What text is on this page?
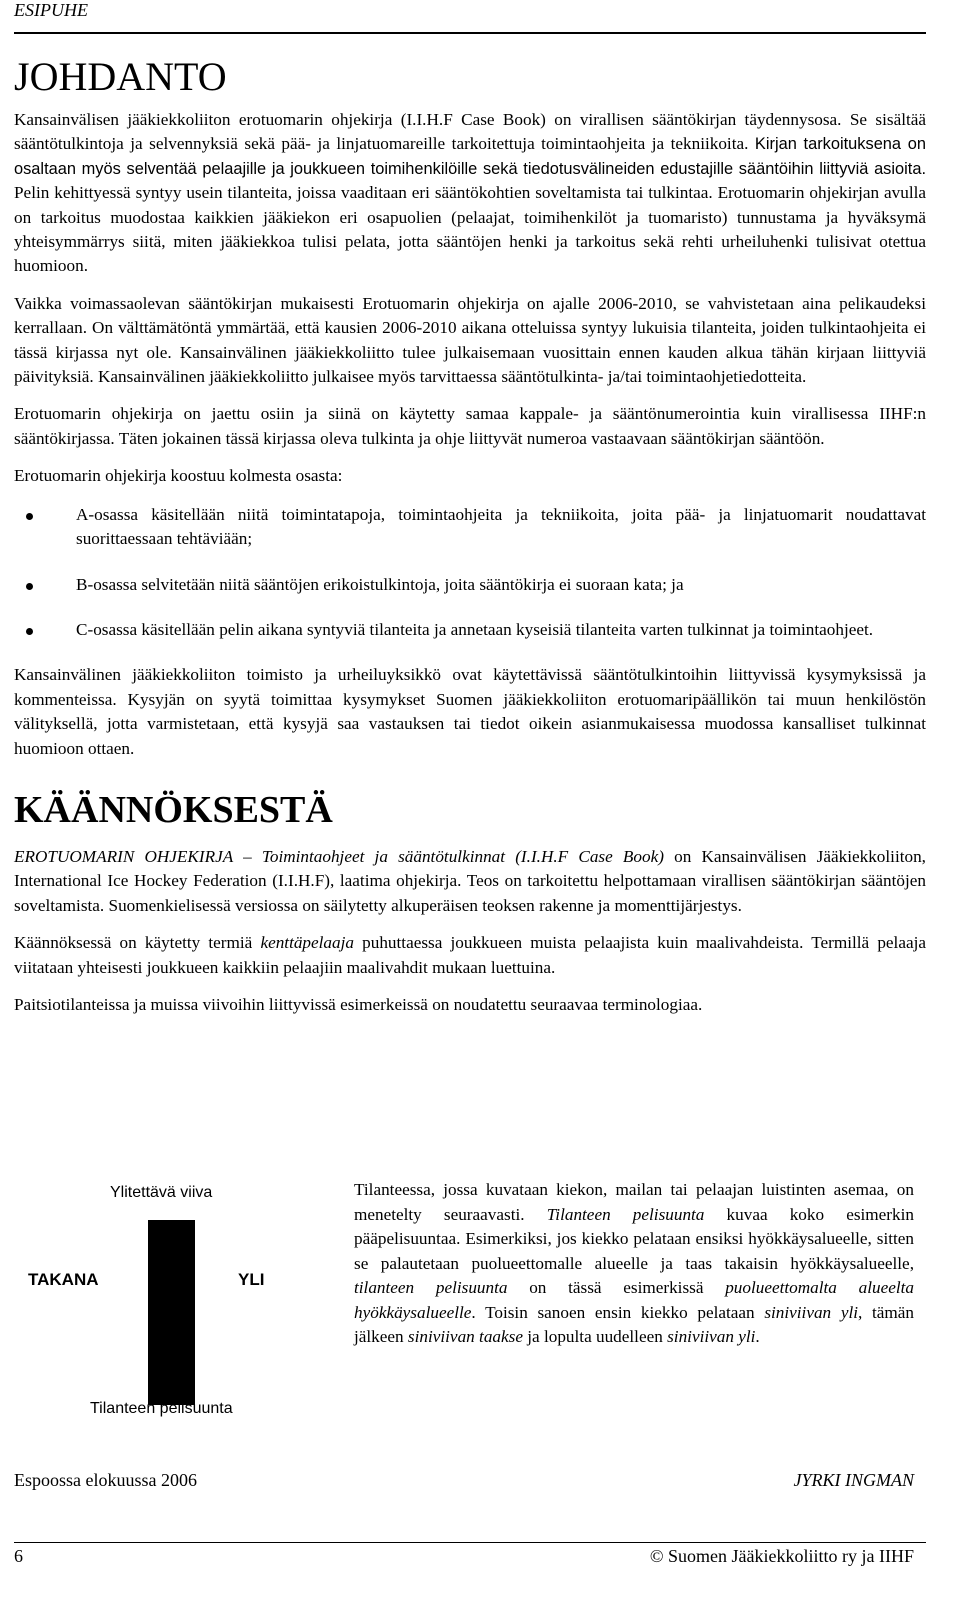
ESIPUHE
JOHDANTO

Kansainvälisen jääkiekkoliiton erotuomarin ohjekirja (I.I.H.F Case Book) on virallisen sääntökirjan täydennysosa. Se sisältää sääntötulkintoja ja selvennyksiä sekä pää- ja linjatuomareille tarkoitettuja toimintaohjeita ja tekniikoita. Kirjan tarkoituksena on osaltaan myös selventää pelaajille ja joukkueen toimihenkilöille sekä tiedotusvälineiden edustajille sääntöihin liittyviä asioita. Pelin kehittyessä syntyy usein tilanteita, joissa vaaditaan eri sääntökohtien soveltamista tai tulkintaa. Erotuomarin ohjekirjan avulla on tarkoitus muodostaa kaikkien jääkiekon eri osapuolien (pelaajat, toimihenkilöt ja tuomaristo) tunnustama ja hyväksymä yhteisymmärrys siitä, miten jääkiekkoa tulisi pelata, jotta sääntöjen henki ja tarkoitus sekä rehti urheiluhenki tulisivat otettua huomioon.

Vaikka voimassaolevan sääntökirjan mukaisesti Erotuomarin ohjekirja on ajalle 2006-2010, se vahvistetaan aina pelikaudeksi kerrallaan. On välttämätöntä ymmärtää, että kausien 2006-2010 aikana otteluissa syntyy lukuisia tilanteita, joiden tulkintaohjeita ei tässä kirjassa nyt ole. Kansainvälinen jääkiekkoliitto tulee julkaisemaan vuosittain ennen kauden alkua tähän kirjaan liittyviä päivityksiä. Kansainvälinen jääkiekkoliitto julkaisee myös tarvittaessa sääntötulkinta- ja/tai toimintaohjetiedotteita.

Erotuomarin ohjekirja on jaettu osiin ja siinä on käytetty samaa kappale- ja sääntönumerointia kuin virallisessa IIHF:n sääntökirjassa. Täten jokainen tässä kirjassa oleva tulkinta ja ohje liittyvät numeroa vastaavaan sääntökirjan sääntöön.

Erotuomarin ohjekirja koostuu kolmesta osasta:

A-osassa käsitellään niitä toimintatapoja, toimintaohjeita ja tekniikoita, joita pää- ja linjatuomarit noudattavat suorittaessaan tehtäviään;
B-osassa selvitetään niitä sääntöjen erikoistulkintoja, joita sääntökirja ei suoraan kata; ja
C-osassa käsitellään pelin aikana syntyviä tilanteita ja annetaan kyseisiä tilanteita varten tulkinnat ja toimintaohjeet.

Kansainvälinen jääkiekkoliiton toimisto ja urheiluyksikkö ovat käytettävissä sääntötulkintoihin liittyvissä kysymyksissä ja kommenteissa. Kysyjän on syytä toimittaa kysymykset Suomen jääkiekkoliiton erotuomaripäällikön tai muun henkilöstön välityksellä, jotta varmistetaan, että kysyjä saa vastauksen tai tiedot oikein asianmukaisessa muodossa kansalliset tulkinnat huomioon ottaen.

KÄÄNNÖKSESTÄ

EROTUOMARIN OHJEKIRJA – Toimintaohjeet ja sääntötulkinnat (I.I.H.F Case Book) on Kansainvälisen Jääkiekkoliiton, International Ice Hockey Federation (I.I.H.F), laatima ohjekirja. Teos on tarkoitettu helpottamaan virallisen sääntökirjan sääntöjen soveltamista. Suomenkielisessä versiossa on säilytetty alkuperäisen teoksen rakenne ja momenttijärjestys.

Käännöksessä on käytetty termiä kenttäpelaaja puhuttaessa joukkueen muista pelaajista kuin maalivahdeista. Termillä pelaaja viitataan yhteisesti joukkueen kaikkiin pelaajiin maalivahdit mukaan luettuina.

Paitsiotilanteissa ja muissa viivoihin liittyvissä esimerkeissä on noudatettu seuraavaa terminologiaa.

Ylitettävä viiva
TAKANA	YLI
Tilanteen pelisuunta
Tilanteessa, jossa kuvataan kiekon, mailan tai pelaajan luistinten asemaa, on menetelty seuraavasti. Tilanteen pelisuunta kuvaa koko esimerkin pääpelisuuntaa. Esimerkiksi, jos kiekko pelataan ensiksi hyökkäysalueelle, sitten se palautetaan puolueettomalle alueelle ja taas takaisin hyökkäysalueelle, tilanteen pelisuunta on tässä esimerkissä puolueettomalta alueelta hyökkäysalueelle. Toisin sanoen ensin kiekko pelataan siniviivan yli, tämän jälkeen siniviivan taakse ja lopulta uudelleen siniviivan yli.
Espoossa elokuussa 2006	JYRKI INGMAN
6	© Suomen Jääkiekkoliitto ry ja IIHF
